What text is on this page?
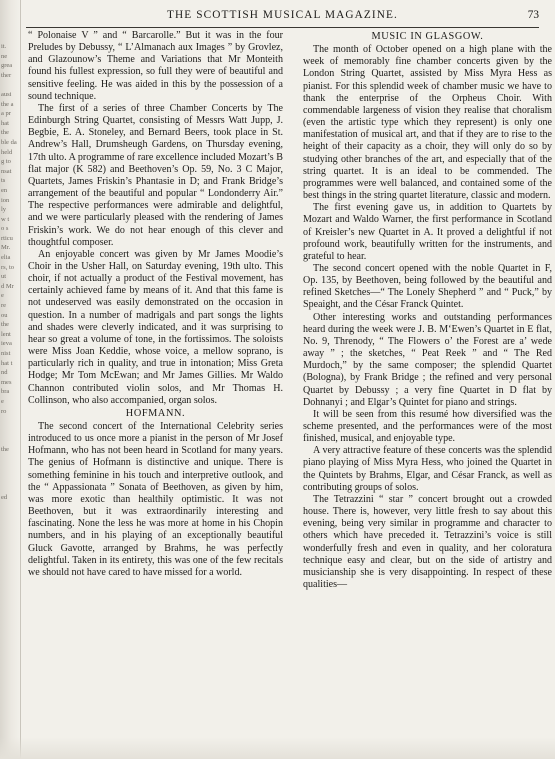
it.
ne
grea
ther
ausi
the a
a pr
hat
the
ble da
held
g to
nsat
ts
en
ion
ly
w t
o s
rticu
Mr.
elia
rs, to
ut
d Mr
e
re
ou
the
lent
ieva
nist
hat t
nd
mes
bra
e
ro
the
ed
THE SCOTTISH MUSICAL MAGAZINE.	73

“ Polonaise V ” and “ Barcarolle.” But it was in the four Preludes by Debussy, “ L’Almanach aux Images ” by Grovlez, and Glazounow’s Theme and Variations that Mr Monteith found his fullest expression, so full they were of beautiful and sensitive feeling. He was aided in this by the possession of a sound technique.

The first of a series of three Chamber Concerts by The Edinburgh String Quartet, consisting of Messrs Watt Jupp, J. Begbie, E. A. Stoneley, and Bernard Beers, took place in St. Andrew’s Hall, Drumsheugh Gardens, on Thursday evening, 17th ulto. A programme of rare excellence included Mozart’s B flat major (K 582) and Beethoven’s Op. 59, No. 3 C Major, Quartets, James Friskin’s Phantasie in D; and Frank Bridge’s arrangement of the beautiful and popular “ Londonderry Air.” The respective performances were admirable and delightful, and we were particularly pleased with the rendering of James Friskin’s work. We do not hear enough of this clever and thoughtful composer.

An enjoyable concert was given by Mr James Moodie’s Choir in the Usher Hall, on Saturday evening, 19th ulto. This choir, if not actually a product of the Festival movement, has certainly achieved fame by means of it. And that this fame is not undeserved was easily demonstrated on the occasion in question. In a number of madrigals and part songs the lights and shades were cleverly indicated, and it was surprising to hear so great a volume of tone, in the fortissimos. The soloists were Miss Joan Keddie, whose voice, a mellow soprano, is particularly rich in quality, and true in intonation; Miss Greta Hodge; Mr Tom McEwan; and Mr James Gillies. Mr Waldo Channon contributed violin solos, and Mr Thomas H. Collinson, who also accompanied, organ solos.

HOFMANN.

The second concert of the International Celebrity series introduced to us once more a pianist in the person of Mr Josef Hofmann, who has not been heard in Scotland for many years. The genius of Hofmann is distinctive and unique. There is something feminine in his touch and interpretive outlook, and the “ Appassionata ” Sonata of Beethoven, as given by him, was more exotic than healthily optimistic. It was not Beethoven, but it was extraordinarily interesting and fascinating. None the less he was more at home in his Chopin numbers, and in his playing of an exceptionally beautiful Gluck Gavotte, arranged by Brahms, he was perfectly delightful. Taken in its entirety, this was one of the few recitals we should not have cared to have missed for a world.

MUSIC IN GLASGOW.

The month of October opened on a high plane with the week of memorably fine chamber concerts given by the London String Quartet, assisted by Miss Myra Hess as pianist. For this splendid week of chamber music we have to thank the enterprise of the Orpheus Choir. With commendable largeness of vision they realise that choralism (even the artistic type which they represent) is only one manifestation of musical art, and that if they are to rise to the height of their capacity as a choir, they will only do so by studying other branches of the art, and especially that of the string quartet. It is an ideal to be commended. The programmes were well balanced, and contained some of the best things in the string quartet literature, classic and modern.

The first evening gave us, in addition to Quartets by Mozart and Waldo Warner, the first performance in Scotland of Kreisler’s new Quartet in A. It proved a delightful if not profound work, beautifully written for the instruments, and grateful to hear.

The second concert opened with the noble Quartet in F, Op. 135, by Beethoven, being followed by the beautiful and refined Sketches—“ The Lonely Shepherd ” and “ Puck,” by Speaight, and the César Franck Quintet.

Other interesting works and outstanding performances heard during the week were J. B. M‘Ewen’s Quartet in E flat, No. 9, Threnody, “ The Flowers o’ the Forest are a’ wede away ” ; the sketches, “ Peat Reek ” and “ The Red Murdoch,” by the same composer; the splendid Quartet (Bologna), by Frank Bridge ; the refined and very personal Quartet by Debussy ; a very fine Quartet in D flat by Dohnanyi ; and Elgar’s Quintet for piano and strings.

It will be seen from this resumé how diversified was the scheme presented, and the performances were of the most finished, musical, and enjoyable type.

A very attractive feature of these concerts was the splendid piano playing of Miss Myra Hess, who joined the Quartet in the Quintets by Brahms, Elgar, and César Franck, as well as contributing groups of solos.

The Tetrazzini “ star ” concert brought out a crowded house. There is, however, very little fresh to say about this evening, being very similar in programme and character to others which have preceded it. Tetrazzini’s voice is still wonderfully fresh and even in quality, and her coloratura technique easy and clear, but on the side of artistry and musicianship she is very disappointing. In respect of these qualities—
